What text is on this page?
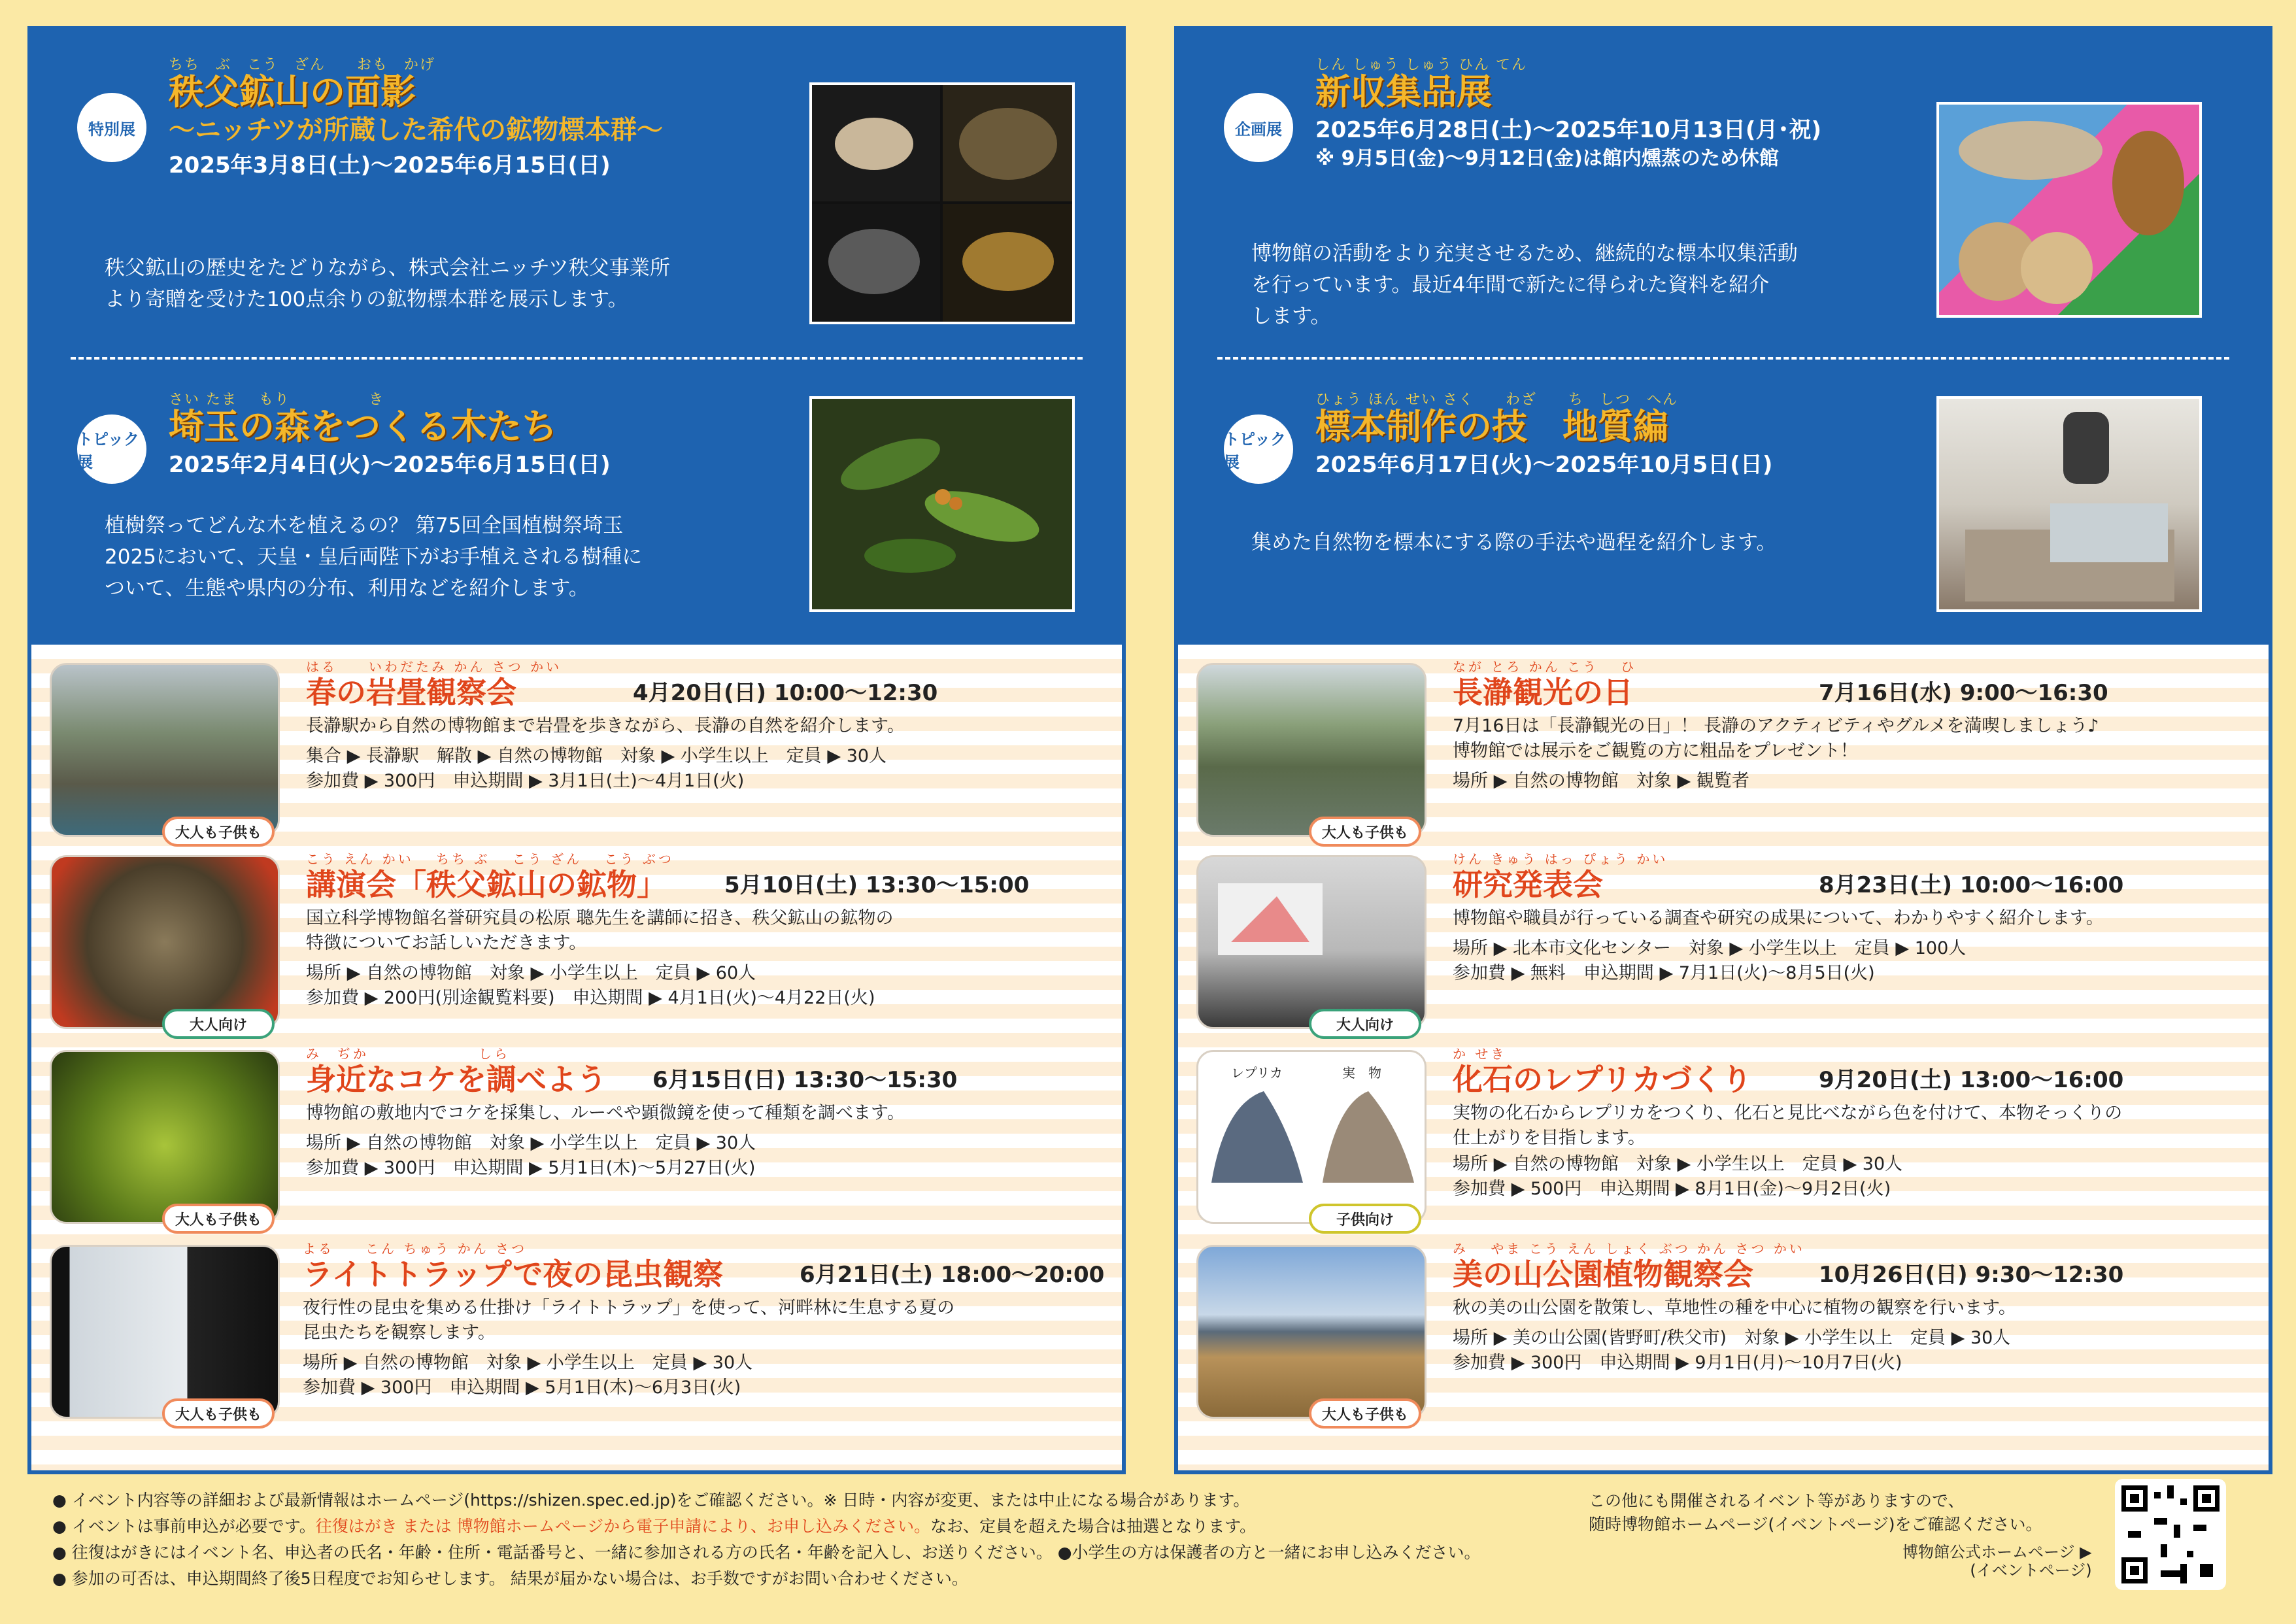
特別展
ちち　ぶ　こう　ざん　　おも　かげ
秩父鉱山の面影
〜ニッチツが所蔵した希代の鉱物標本群〜
2025年3月8日(土)〜2025年6月15日(日)
秩父鉱山の歴史をたどりながら、株式会社ニッチツ秩父事業所
より寄贈を受けた100点余りの鉱物標本群を展示します。
トピック展
さい たま　 もり　　　　　き
埼玉の森をつくる木たち
2025年2月4日(火)〜2025年6月15日(日)
植樹祭ってどんな木を植えるの？ 第75回全国植樹祭埼玉
2025において、天皇・皇后両陛下がお手植えされる樹種に
ついて、生態や県内の分布、利用などを紹介します。
大人も子供も
はる　　いわだたみ かん さつ かい
春の岩畳観察会	4月20日(日) 10:00〜12:30
長瀞駅から自然の博物館まで岩畳を歩きながら、長瀞の自然を紹介します。
集合 ▶ 長瀞駅　解散 ▶ 自然の博物館　対象 ▶ 小学生以上　定員 ▶ 30人
参加費 ▶ 300円　申込期間 ▶ 3月1日(土)〜4月1日(火)
大人向け
こう えん かい　 ちち ぶ　 こう ざん　 こう ぶつ
講演会「秩父鉱山の鉱物」	5月10日(土) 13:30〜15:00
国立科学博物館名誉研究員の松原 聰先生を講師に招き、秩父鉱山の鉱物の
特徴についてお話しいただきます。
場所 ▶ 自然の博物館　対象 ▶ 小学生以上　定員 ▶ 60人
参加費 ▶ 200円(別途観覧料要)　申込期間 ▶ 4月1日(火)〜4月22日(火)
大人も子供も
み　ぢか　　　　　　　しら
身近なコケを調べよう 6月15日(日) 13:30〜15:30
博物館の敷地内でコケを採集し、ルーペや顕微鏡を使って種類を調べます。
場所 ▶ 自然の博物館　対象 ▶ 小学生以上　定員 ▶ 30人
参加費 ▶ 300円　申込期間 ▶ 5月1日(木)〜5月27日(火)
大人も子供も
よる　　こん ちゅう かん さつ
ライトトラップで夜の昆虫観察	6月21日(土) 18:00〜20:00
夜行性の昆虫を集める仕掛け「ライトトラップ」を使って、河畔林に生息する夏の
昆虫たちを観察します。
場所 ▶ 自然の博物館　対象 ▶ 小学生以上　定員 ▶ 30人
参加費 ▶ 300円　申込期間 ▶ 5月1日(木)〜6月3日(火)
企画展
しん しゅう しゅう ひん てん
新収集品展
2025年6月28日(土)〜2025年10月13日(月･祝)
※ 9月5日(金)〜9月12日(金)は館内燻蒸のため休館
博物館の活動をより充実させるため、継続的な標本収集活動
を行っています。最近4年間で新たに得られた資料を紹介
します。
トピック展
ひょう ほん せい さく　　わざ　　ち　しつ　へん
標本制作の技　地質編
2025年6月17日(火)〜2025年10月5日(日)
集めた自然物を標本にする際の手法や過程を紹介します。
大人も子供も
なが とろ かん こう　 ひ
長瀞観光の日	7月16日(水) 9:00〜16:30
7月16日は「長瀞観光の日」！ 長瀞のアクティビティやグルメを満喫しましょう♪
博物館では展示をご観覧の方に粗品をプレゼント！
場所 ▶ 自然の博物館　対象 ▶ 観覧者
大人向け
けん きゅう はっ ぴょう かい
研究発表会	8月23日(土) 10:00〜16:00
博物館や職員が行っている調査や研究の成果について、わかりやすく紹介します。
場所 ▶ 北本市文化センター　対象 ▶ 小学生以上　定員 ▶ 100人
参加費 ▶ 無料　申込期間 ▶ 7月1日(火)〜8月5日(火)
レプリカ	実　物
子供向け
か せき
化石のレプリカづくり	9月20日(土) 13:00〜16:00
実物の化石からレプリカをつくり、化石と見比べながら色を付けて、本物そっくりの
仕上がりを目指します。
場所 ▶ 自然の博物館　対象 ▶ 小学生以上　定員 ▶ 30人
参加費 ▶ 500円　申込期間 ▶ 8月1日(金)〜9月2日(火)
大人も子供も
み　 やま こう えん しょく ぶつ かん さつ かい
美の山公園植物観察会	10月26日(日) 9:30〜12:30
秋の美の山公園を散策し、草地性の種を中心に植物の観察を行います。
場所 ▶ 美の山公園(皆野町/秩父市)　対象 ▶ 小学生以上　定員 ▶ 30人
参加費 ▶ 300円　申込期間 ▶ 9月1日(月)〜10月7日(火)
● イベント内容等の詳細および最新情報はホームページ(https://shizen.spec.ed.jp)をご確認ください。※ 日時・内容が変更、または中止になる場合があります。
● イベントは事前申込が必要です。往復はがき または 博物館ホームページから電子申請により、お申し込みください。なお、定員を超えた場合は抽選となります。
● 往復はがきにはイベント名、申込者の氏名・年齢・住所・電話番号と、一緒に参加される方の氏名・年齢を記入し、お送りください。 ●小学生の方は保護者の方と一緒にお申し込みください。
● 参加の可否は、申込期間終了後5日程度でお知らせします。 結果が届かない場合は、お手数ですがお問い合わせください。
この他にも開催されるイベント等がありますので、
随時博物館ホームページ(イベントページ)をご確認ください。
博物館公式ホームページ ▶
(イベントページ)
